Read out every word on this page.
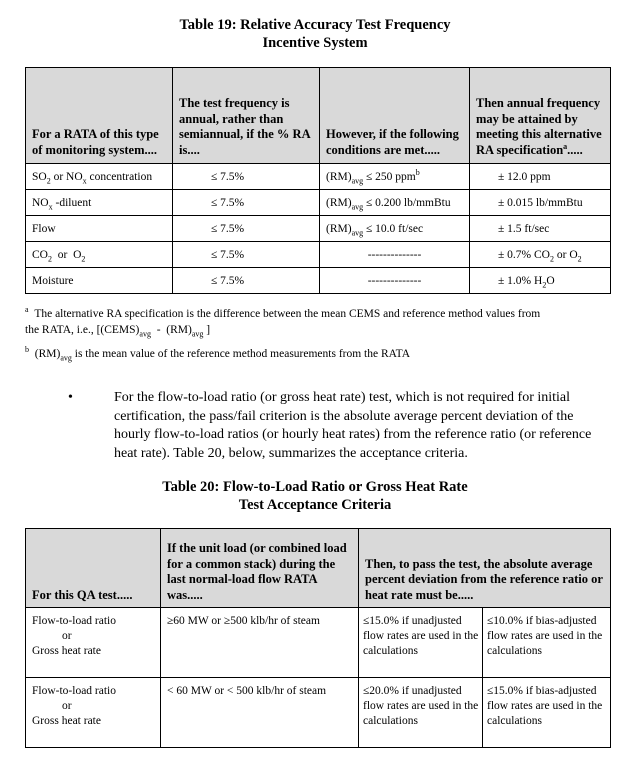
Table 19: Relative Accuracy Test Frequency
Incentive System
For a RATA of this type of monitoring system....	The test frequency is annual, rather than semiannual, if the % RA is....	However, if the following conditions are met.....	Then annual frequency may be attained by meeting this alternative RA specification$^a$.....
$SO_2$ or $NO_x$ concentration	≤ 7.5%	$(RM)_{avg} \le 250$ ppm$^b$	± 12.0 ppm
$NO_x$ -diluent	≤ 7.5%	$(RM)_{avg} \le 0.200$ lb/mmBtu	± 0.015 lb/mmBtu
Flow	≤ 7.5%	$(RM)_{avg} \le 10.0$ ft/sec	± 1.5 ft/sec
$CO_2$  or  $O_2$	≤ 7.5%	--------------	± 0.7% $CO_2$ or $O_2$
Moisture	≤ 7.5%	--------------	± 1.0% $H_2O$
$^a$ The alternative RA specification is the difference between the mean CEMS and reference method values from
the RATA, i.e., [$(CEMS)_{avg} - (RM)_{avg}$ ]
$^b$ $(RM)_{avg}$ is the mean value of the reference method measurements from the RATA
•	For the flow-to-load ratio (or gross heat rate) test, which is not required for initial certification, the pass/fail criterion is the absolute average percent deviation of the hourly flow-to-load ratios (or hourly heat rates) from the reference ratio (or reference heat rate). Table 20, below, summarizes the acceptance criteria.
Table 20: Flow-to-Load Ratio or Gross Heat Rate
Test Acceptance Criteria
For this QA test.....	If the unit load (or combined load for a common stack) during the last normal-load flow RATA was.....	Then, to pass the test, the absolute average percent deviation from the reference ratio or heat rate must be.....	

Flow-to-load ratio
or
Gross heat rate	≥60 MW or ≥500 klb/hr of steam	≤15.0% if unadjusted flow rates are used in the calculations	≤10.0% if bias-adjusted flow rates are used in the calculations

Flow-to-load ratio
or
Gross heat rate	< 60 MW or < 500 klb/hr of steam	≤20.0% if unadjusted flow rates are used in the calculations	≤15.0% if bias-adjusted flow rates are used in the calculations
